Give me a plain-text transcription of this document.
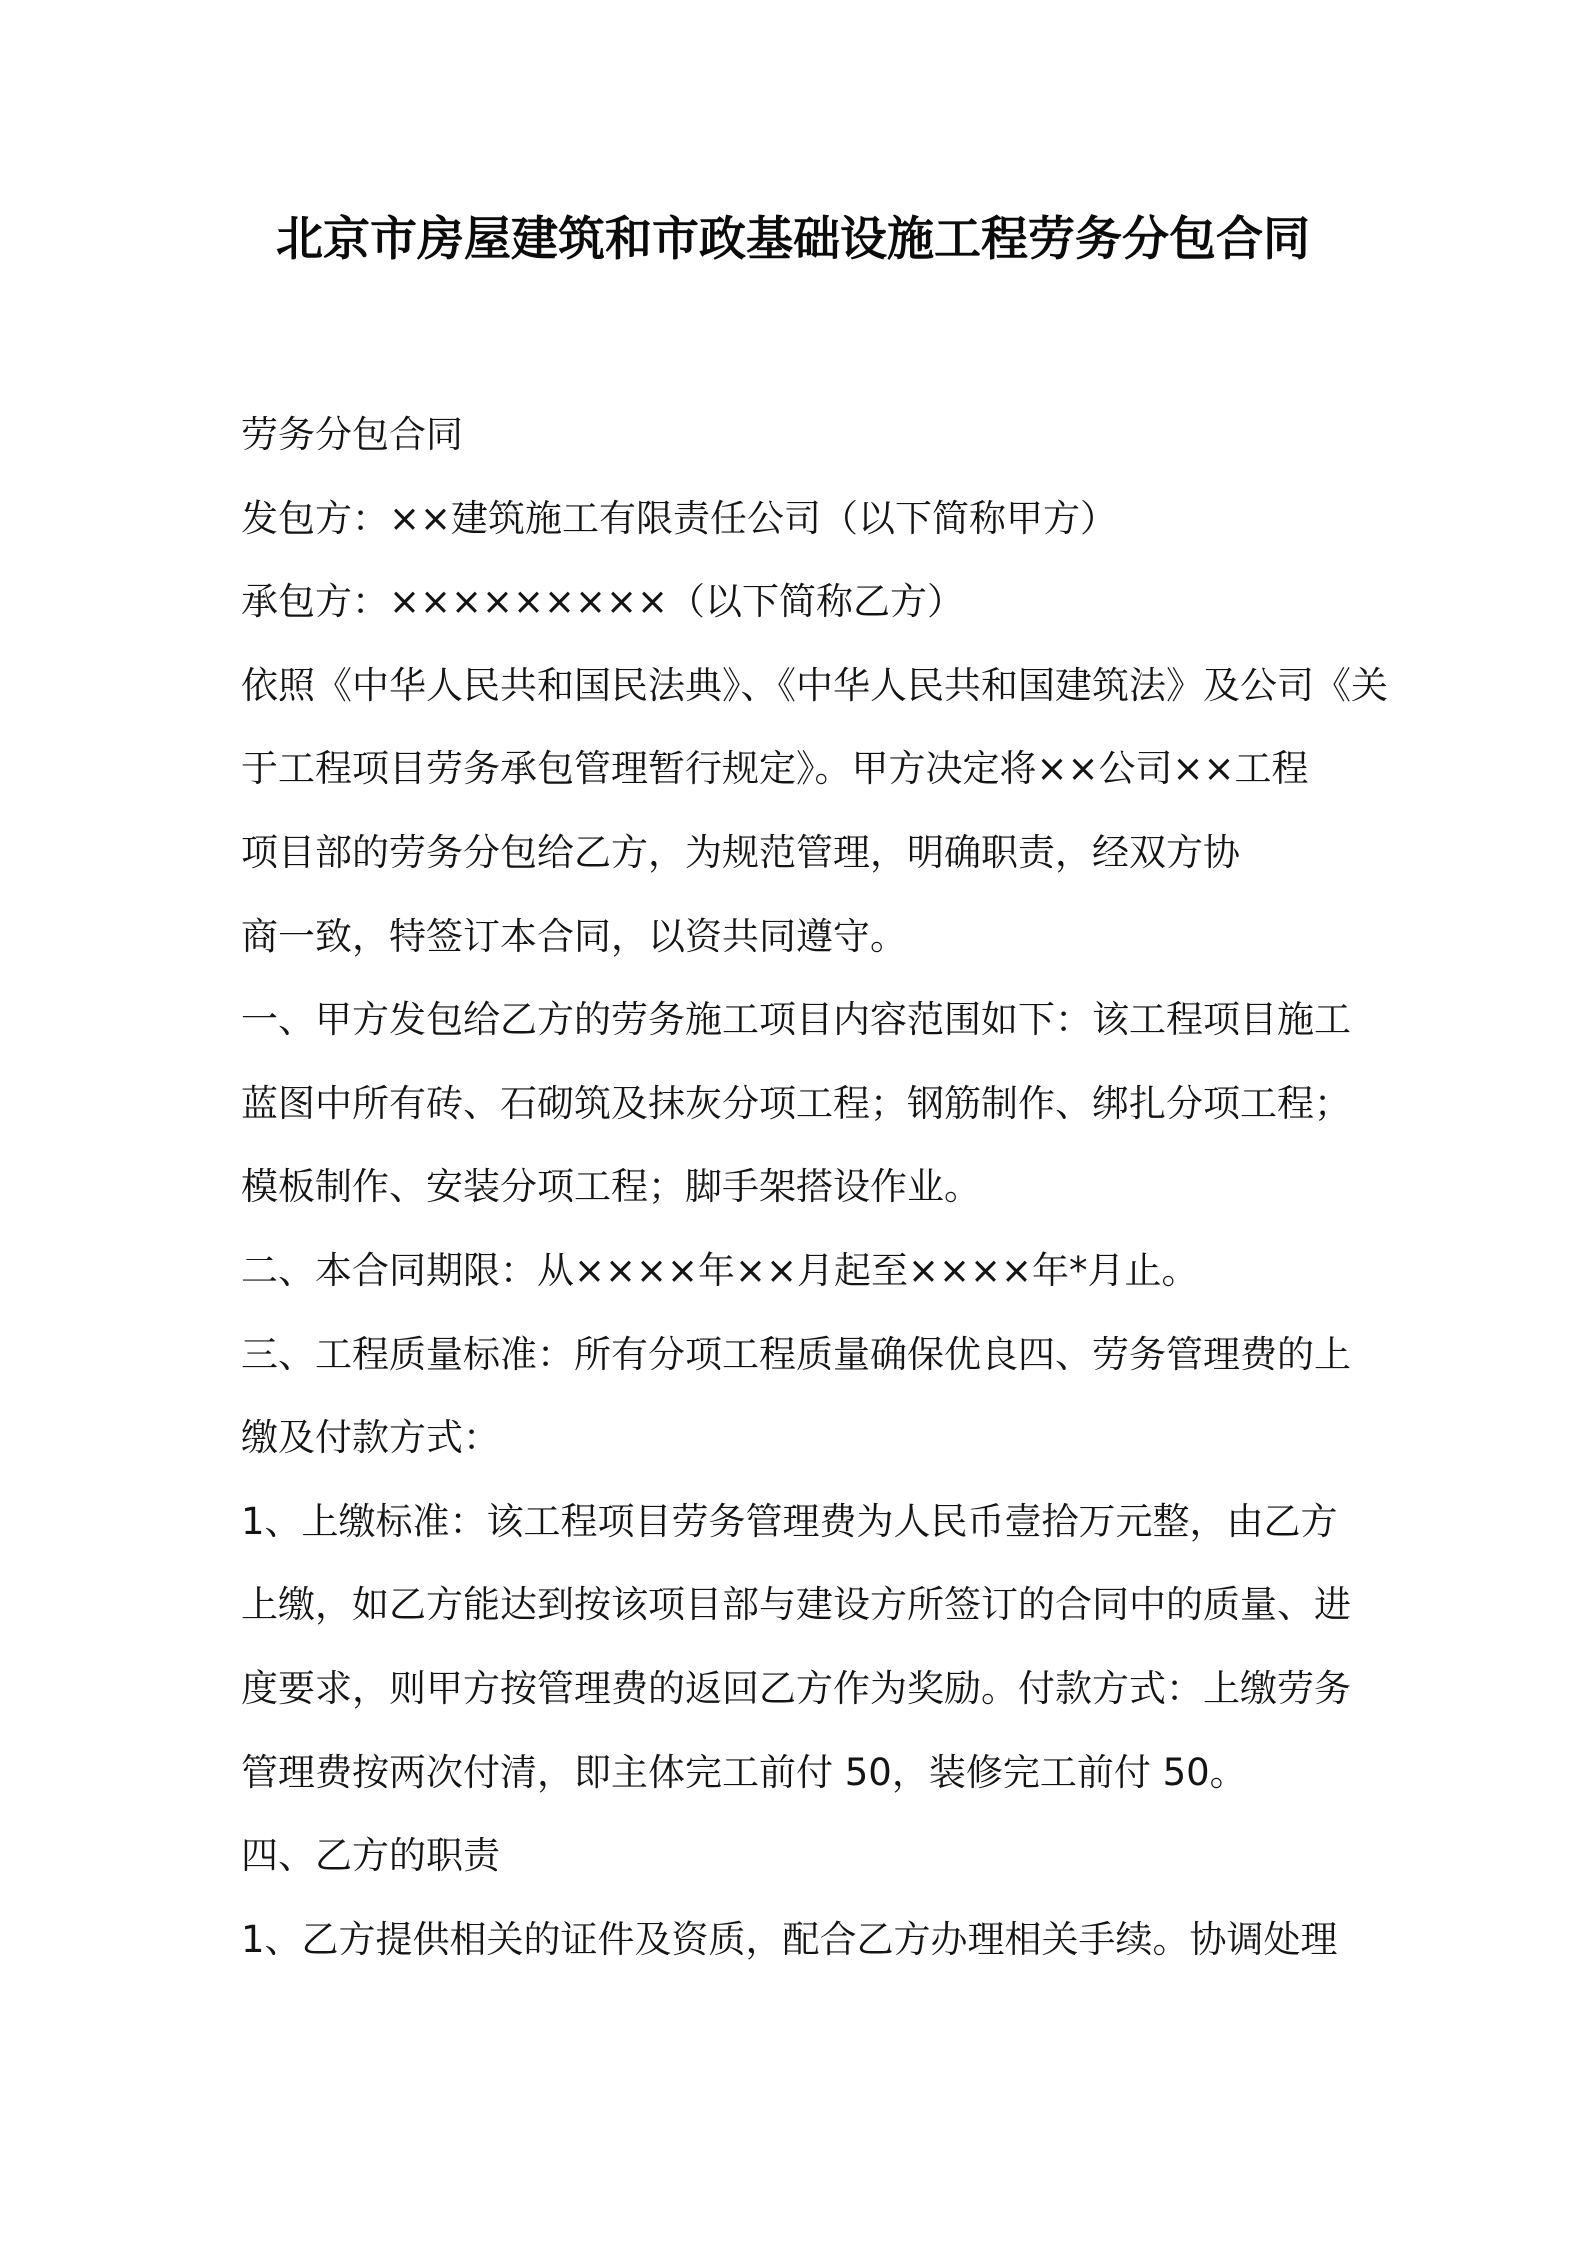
北京市房屋建筑和市政基础设施工程劳务分包合同
劳务分包合同
发包方：××建筑施工有限责任公司（以下简称甲方）
承包方：×××××××××（以下简称乙方）
依照《中华人民共和国民法典》、《中华人民共和国建筑法》及公司《关
于工程项目劳务承包管理暂行规定》。甲方决定将××公司××工程
项目部的劳务分包给乙方，为规范管理，明确职责，经双方协
商一致，特签订本合同，以资共同遵守。
一、甲方发包给乙方的劳务施工项目内容范围如下：该工程项目施工
蓝图中所有砖、石砌筑及抹灰分项工程；钢筋制作、绑扎分项工程；
模板制作、安装分项工程；脚手架搭设作业。
二、本合同期限：从××××年××月起至××××年*月止。
三、工程质量标准：所有分项工程质量确保优良四、劳务管理费的上
缴及付款方式：
1、上缴标准：该工程项目劳务管理费为人民币壹拾万元整，由乙方
上缴，如乙方能达到按该项目部与建设方所签订的合同中的质量、进
度要求，则甲方按管理费的返回乙方作为奖励。付款方式：上缴劳务
管理费按两次付清，即主体完工前付 50，装修完工前付 50。
四、乙方的职责
1、乙方提供相关的证件及资质，配合乙方办理相关手续。协调处理
